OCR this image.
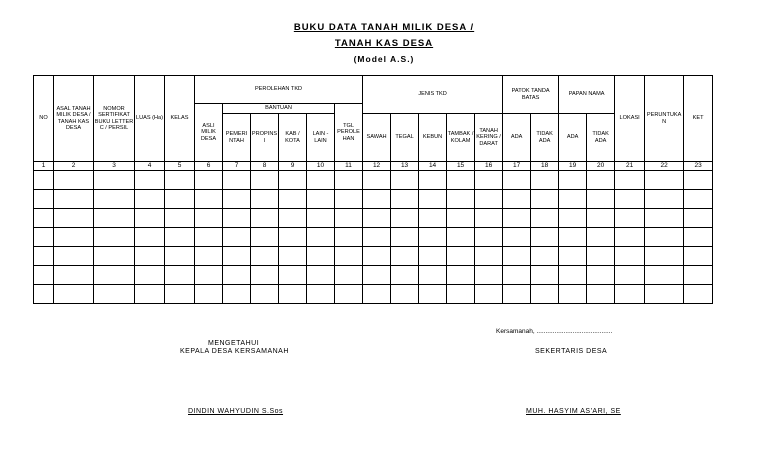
BUKU DATA TANAH MILIK DESA /
TANAH KAS DESA
(Model A.S.)
NO	ASAL TANAH MILIK DESA / TANAH KAS DESA	NOMOR SERTIFIKAT BUKU LETTER C / PERSIL	LUAS (Ha)	KELAS	PEROLEHAN TKD						JENIS TKD					PATOK TANDA BATAS		PAPAN NAMA		LOKASI	PERUNTUKA N	KET
					ASLI MILIK DESA	BANTUAN				TGL PEROLE HAN												
						PEMERI NTAH	PROPINS I	KAB / KOTA	LAIN - LAIN		SAWAH	TEGAL	KEBUN	TAMBAK / KOLAM	TANAH KERING / DARAT	ADA	TIDAK ADA	ADA	TIDAK ADA			
1	2	3	4	5	6	7	8	9	10	11	12	13	14	15	16	17	18	19	20	21	22	23

Kersamanah, ..........................................
MENGETAHUI
KEPALA DESA KERSAMANAH	SEKERTARIS DESA
DINDIN WAHYUDIN S.Sos	MUH. HASYIM AS'ARI, SE
